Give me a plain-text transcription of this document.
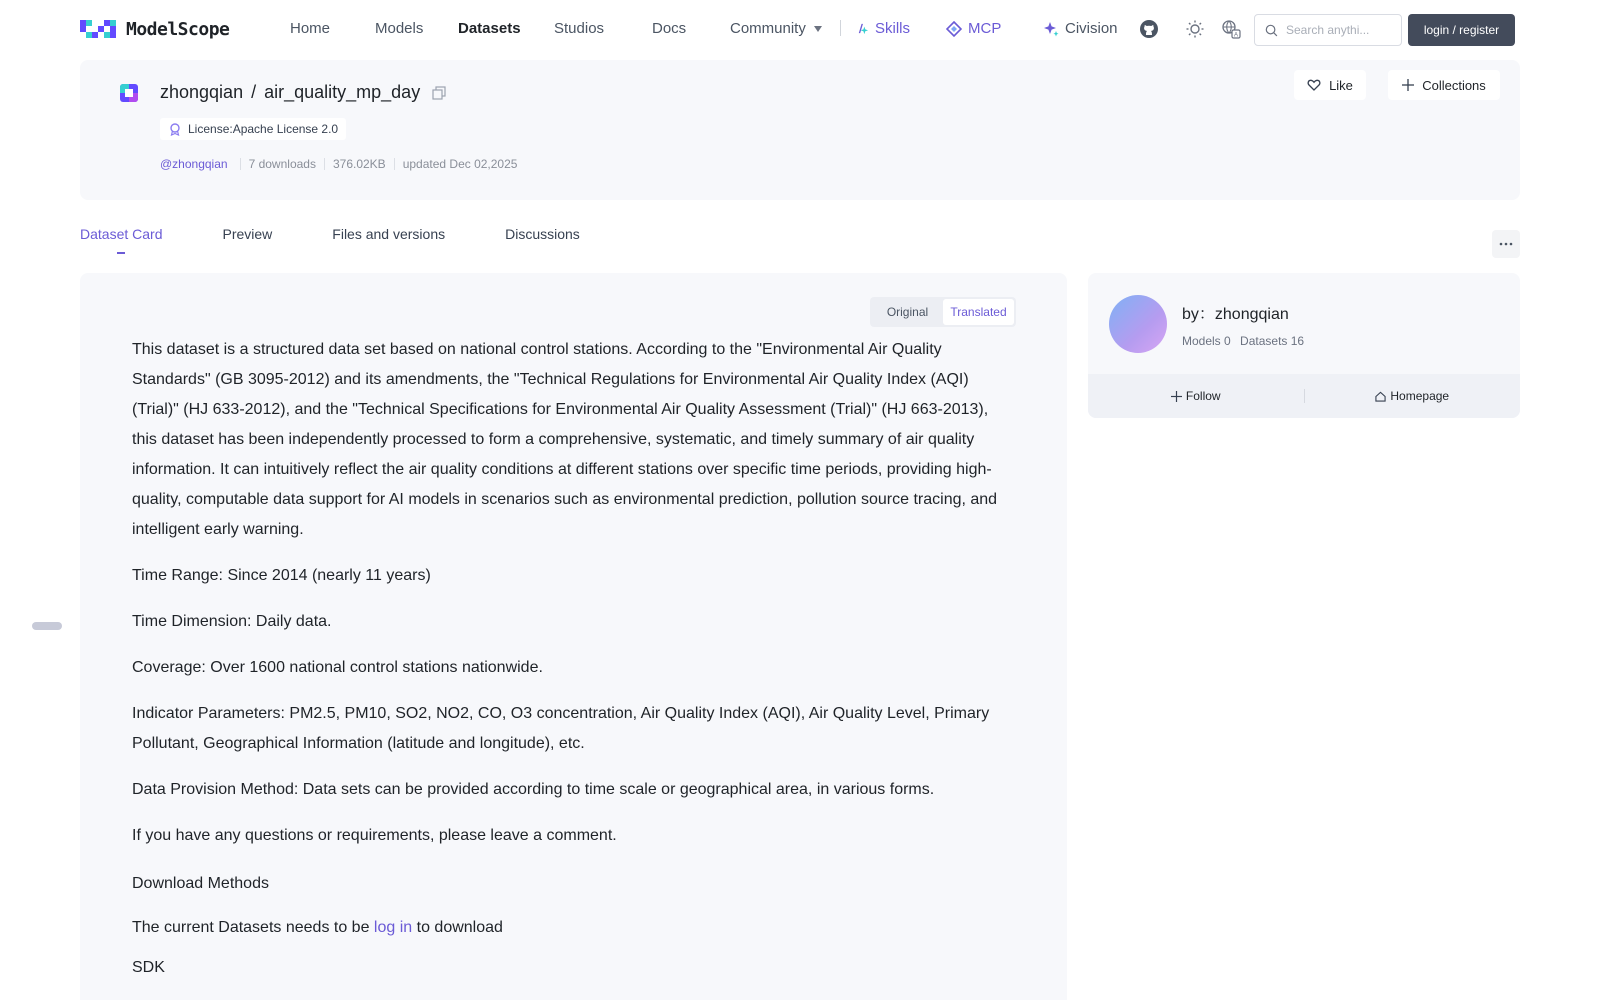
ModelScope	Home	Models Datasets Studios	Docs	Community	Skills	MCP	Civision	A
Search anythi...	login / register
zhongqian / air_quality_mp_day
License:Apache License 2.0
@zhongqian 7 downloads 376.02KB updated Dec 02,2025
Like	Collections
Dataset Card	Preview	Files and versions	Discussions
Original	Translated

This dataset is a structured data set based on national control stations. According to the "Environmental Air Quality Standards" (GB 3095-2012) and its amendments, the "Technical Regulations for Environmental Air Quality Index (AQI) (Trial)" (HJ 633-2012), and the "Technical Specifications for Environmental Air Quality Assessment (Trial)" (HJ 663-2013), this dataset has been independently processed to form a comprehensive, systematic, and timely summary of air quality information. It can intuitively reflect the air quality conditions at different stations over specific time periods, providing high-quality, computable data support for AI models in scenarios such as environmental prediction, pollution source tracing, and intelligent early warning.

Time Range: Since 2014 (nearly 11 years)

Time Dimension: Daily data.

Coverage: Over 1600 national control stations nationwide.

Indicator Parameters: PM2.5, PM10, SO2, NO2, CO, O3 concentration, Air Quality Index (AQI), Air Quality Level, Primary Pollutant, Geographical Information (latitude and longitude), etc.

Data Provision Method: Data sets can be provided according to time scale or geographical area, in various forms.

If you have any questions or requirements, please leave a comment.

Download Methods

The current Datasets needs to be log in to download

SDK

by：zhongqian
Models 0 Datasets 16
Follow	Homepage
